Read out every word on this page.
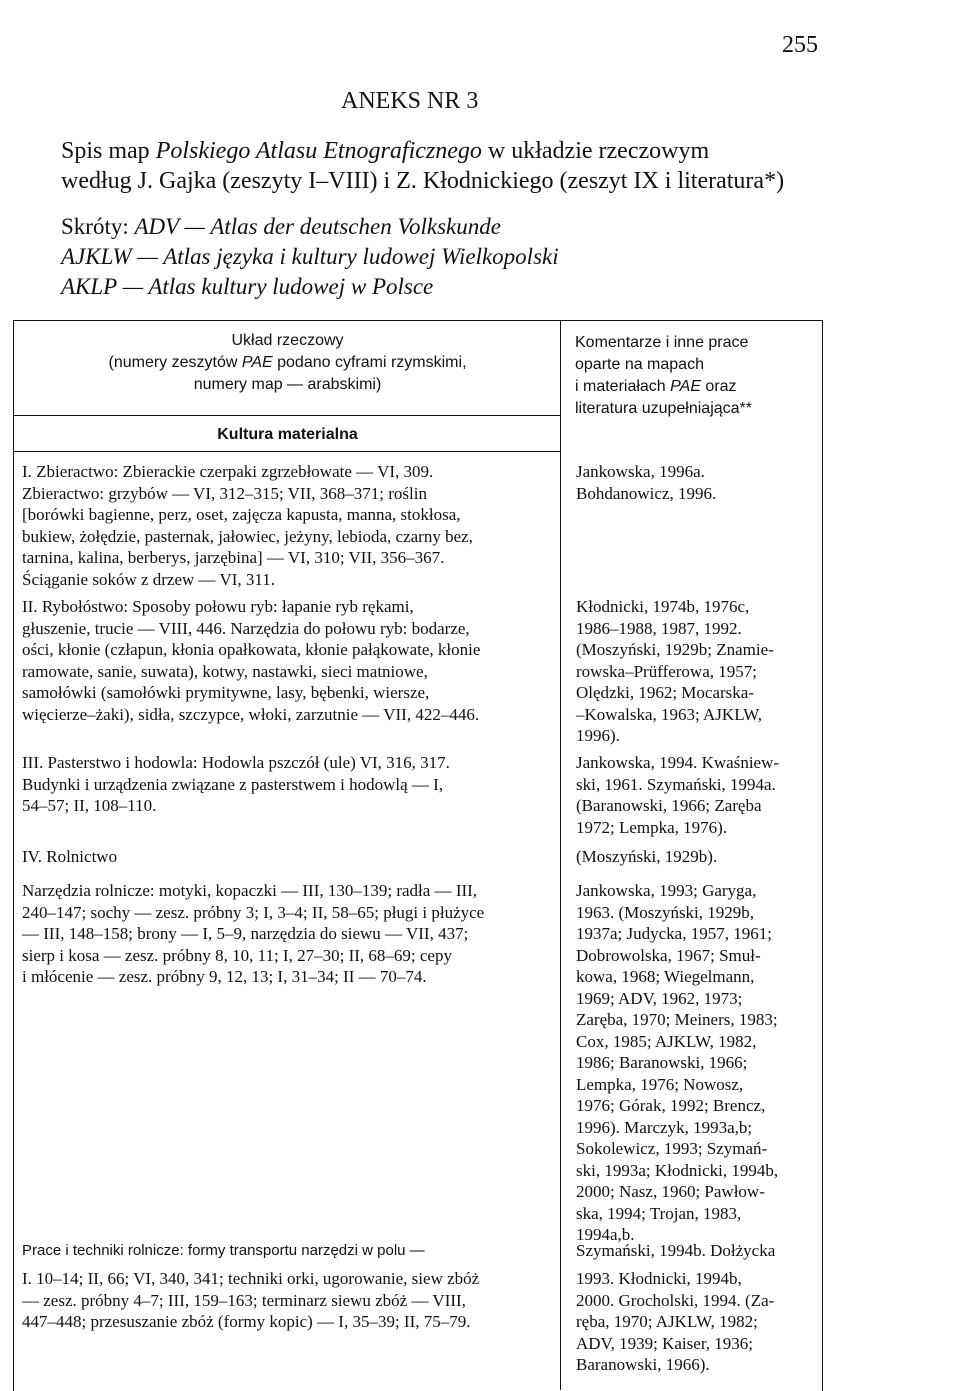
255
ANEKS NR 3
Spis map Polskiego Atlasu Etnograficznego w układzie rzeczowym
według J. Gajka (zeszyty I–VIII) i Z. Kłodnickiego (zeszyt IX i literatura*)
Skróty: ADV — Atlas der deutschen Volkskunde
AJKLW — Atlas języka i kultury ludowej Wielkopolski
AKLP — Atlas kultury ludowej w Polsce
Układ rzeczowy
(numery zeszytów PAE podano cyframi rzymskimi,
numery map — arabskimi)
Komentarze i inne prace
oparte na mapach
i materiałach PAE oraz
literatura uzupełniająca**
Kultura materialna
I. Zbieractwo: Zbierackie czerpaki zgrzebłowate — VI, 309.
Zbieractwo: grzybów — VI, 312–315; VII, 368–371; roślin
[borówki bagienne, perz, oset, zajęcza kapusta, manna, stokłosa,
bukiew, żołędzie, pasternak, jałowiec, jeżyny, lebioda, czarny bez,
tarnina, kalina, berberys, jarzębina] — VI, 310; VII, 356–367.
Ściąganie soków z drzew — VI, 311.
Jankowska, 1996a.
Bohdanowicz, 1996.
II. Rybołóstwo: Sposoby połowu ryb: łapanie ryb rękami,
głuszenie, trucie — VIII, 446. Narzędzia do połowu ryb: bodarze,
ości, kłonie (człapun, kłonia opałkowata, kłonie pałąkowate, kłonie
ramowate, sanie, suwata), kotwy, nastawki, sieci matniowe,
samołówki (samołówki prymitywne, lasy, bębenki, wiersze,
więcierze–żaki), sidła, szczypce, włoki, zarzutnie — VII, 422–446.
Kłodnicki, 1974b, 1976c,
1986–1988, 1987, 1992.
(Moszyński, 1929b; Znamie-
rowska–Prüfferowa, 1957;
Olędzki, 1962; Mocarska-
–Kowalska, 1963; AJKLW,
1996).
III. Pasterstwo i hodowla: Hodowla pszczół (ule) VI, 316, 317.
Budynki i urządzenia związane z pasterstwem i hodowlą — I,
54–57; II, 108–110.
Jankowska, 1994. Kwaśniew-
ski, 1961. Szymański, 1994a.
(Baranowski, 1966; Zaręba
1972; Lempka, 1976).
IV. Rolnictwo	(Moszyński, 1929b).
Narzędzia rolnicze: motyki, kopaczki — III, 130–139; radła — III,
240–147; sochy — zesz. próbny 3; I, 3–4; II, 58–65; pługi i płużyce
— III, 148–158; brony — I, 5–9, narzędzia do siewu — VII, 437;
sierp i kosa — zesz. próbny 8, 10, 11; I, 27–30; II, 68–69; cepy
i młócenie — zesz. próbny 9, 12, 13; I, 31–34; II — 70–74.
Jankowska, 1993; Garyga,
1963. (Moszyński, 1929b,
1937a; Judycka, 1957, 1961;
Dobrowolska, 1967; Smuł-
kowa, 1968; Wiegelmann,
1969; ADV, 1962, 1973;
Zaręba, 1970; Meiners, 1983;
Cox, 1985; AJKLW, 1982,
1986; Baranowski, 1966;
Lempka, 1976; Nowosz,
1976; Górak, 1992; Brencz,
1996). Marczyk, 1993a,b;
Sokolewicz, 1993; Szymań-
ski, 1993a; Kłodnicki, 1994b,
2000; Nasz, 1960; Pawłow-
ska, 1994; Trojan, 1983,
1994a,b.
Prace i techniki rolnicze: formy transportu narzędzi w polu —	Szymański, 1994b. Dołżycka
I. 10–14; II, 66; VI, 340, 341; techniki orki, ugorowanie, siew zbóż
— zesz. próbny 4–7; III, 159–163; terminarz siewu zbóż — VIII,
447–448; przesuszanie zbóż (formy kopic) — I, 35–39; II, 75–79.
1993. Kłodnicki, 1994b,
2000. Grocholski, 1994. (Za-
ręba, 1970; AJKLW, 1982;
ADV, 1939; Kaiser, 1936;
Baranowski, 1966).
